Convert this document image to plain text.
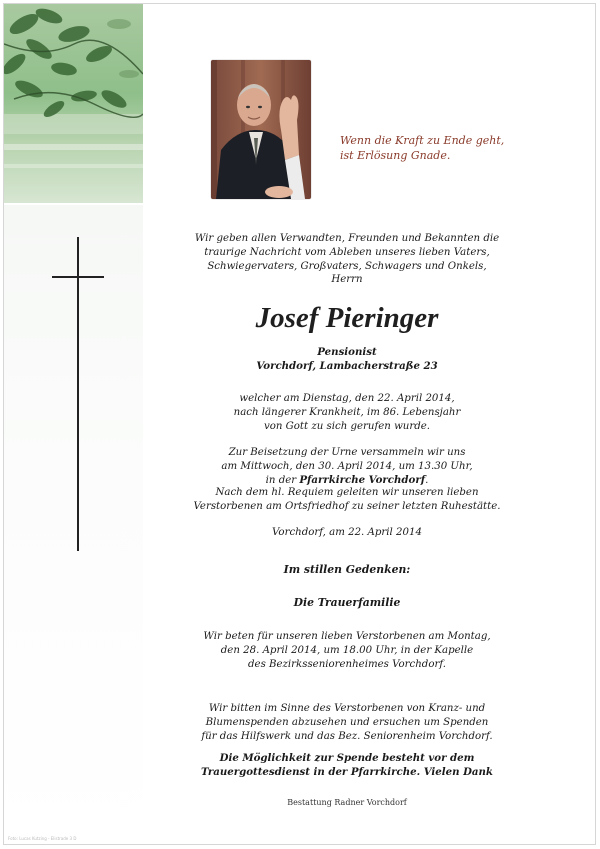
Wenn die Kraft zu Ende geht,
ist Erlösung Gnade.
Wir geben allen Verwandten, Freunden und Bekannten die
traurige Nachricht vom Ableben unseres lieben Vaters,
Schwiegervaters, Großvaters, Schwagers und Onkels,
Herrn
Josef Pieringer
Pensionist
Vorchdorf, Lambacherstraße 23
welcher am Dienstag, den 22. April 2014,
nach längerer Krankheit, im 86. Lebensjahr
von Gott zu sich gerufen wurde.
Zur Beisetzung der Urne versammeln wir uns
am Mittwoch, den 30. April 2014, um 13.30 Uhr,
in der Pfarrkirche Vorchdorf.
Nach dem hl. Requiem geleiten wir unseren lieben
Verstorbenen am Ortsfriedhof zu seiner letzten Ruhestätte.
Vorchdorf, am 22. April 2014
Im stillen Gedenken:
Die Trauerfamilie
Wir beten für unseren lieben Verstorbenen am Montag,
den 28. April 2014, um 18.00 Uhr, in der Kapelle
des Bezirksseniorenheimes Vorchdorf.
Wir bitten im Sinne des Verstorbenen von Kranz- und
Blumenspenden abzusehen und ersuchen um Spenden
für das Hilfswerk und das Bez. Seniorenheim Vorchdorf.
Die Möglichkeit zur Spende besteht vor dem
Trauergottesdienst in der Pfarrkirche. Vielen Dank
Bestattung Radner Vorchdorf
Foto: Lucas Kutzing - Elistrade 3 D
